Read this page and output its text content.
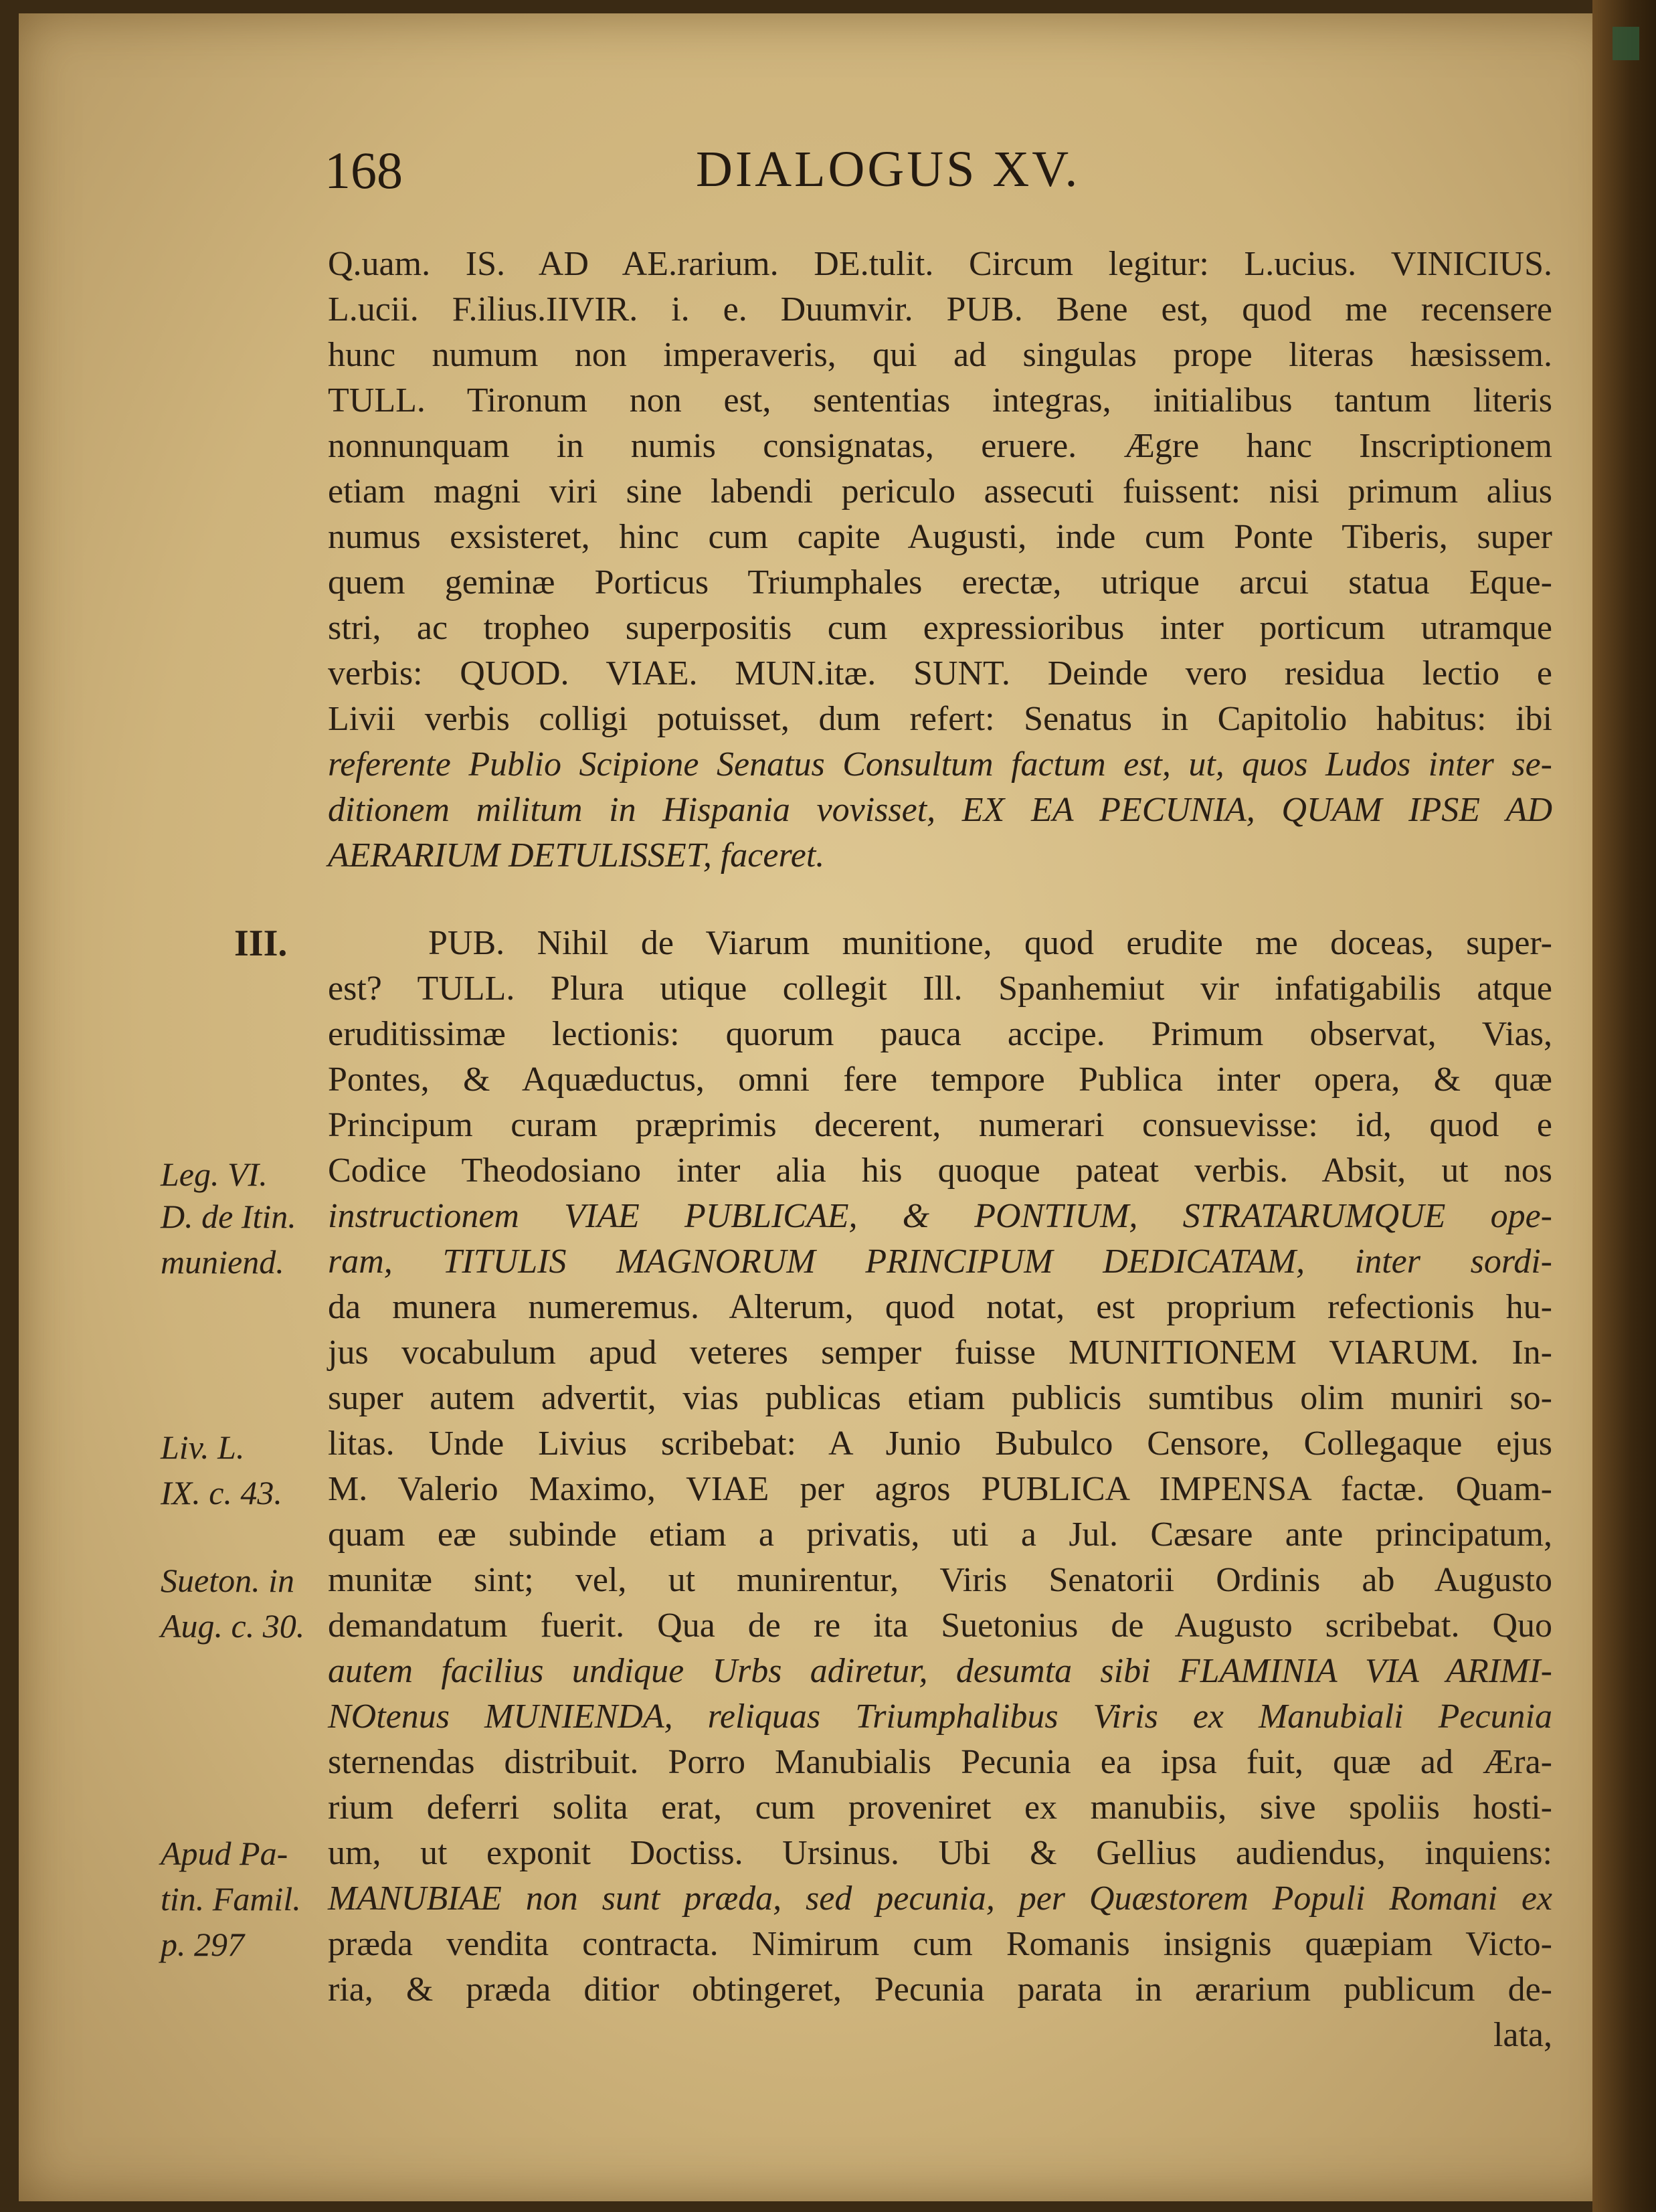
168	DIALOGUS XV.
Q.uam. IS. AD AE.rarium. DE.tulit. Circum legitur: L.ucius. VINICIUS.
L.ucii. F.ilius.IIVIR. i. e. Duumvir. PUB. Bene est, quod me recensere
hunc numum non imperaveris, qui ad singulas prope literas hæsissem.
TULL. Tironum non est, sententias integras, initialibus tantum literis
nonnunquam in numis consignatas, eruere. Ægre hanc Inscriptionem
etiam magni viri sine labendi periculo assecuti fuissent: nisi primum alius
numus exsisteret, hinc cum capite Augusti, inde cum Ponte Tiberis, super
quem geminæ Porticus Triumphales erectæ, utrique arcui statua Eque-
stri, ac tropheo superpositis cum expressioribus inter porticum utramque
verbis: QUOD. VIAE. MUN.itæ. SUNT. Deinde vero residua lectio e
Livii verbis colligi potuisset, dum refert: Senatus in Capitolio habitus: ibi
referente Publio Scipione Senatus Consultum factum est, ut, quos Ludos inter se-
ditionem militum in Hispania vovisset, EX EA PECUNIA, QUAM IPSE AD
AERARIUM DETULISSET, faceret.
III.	PUB. Nihil de Viarum munitione, quod erudite me doceas, super-
est? TULL. Plura utique collegit Ill. Spanhemiut vir infatigabilis atque
eruditissimæ lectionis: quorum pauca accipe. Primum observat, Vias,
Pontes, & Aquæductus, omni fere tempore Publica inter opera, & quæ
Principum curam præprimis decerent, numerari consuevisse: id, quod e
Codice Theodosiano inter alia his quoque pateat verbis. Absit, ut nos
instructionem VIAE PUBLICAE, & PONTIUM, STRATARUMQUE ope-
ram, TITULIS MAGNORUM PRINCIPUM DEDICATAM, inter sordi-
da munera numeremus. Alterum, quod notat, est proprium refectionis hu-
jus vocabulum apud veteres semper fuisse MUNITIONEM VIARUM. In-
super autem advertit, vias publicas etiam publicis sumtibus olim muniri so-
litas. Unde Livius scribebat: A Junio Bubulco Censore, Collegaque ejus
M. Valerio Maximo, VIAE per agros PUBLICA IMPENSA factæ. Quam-
quam eæ subinde etiam a privatis, uti a Jul. Cæsare ante principatum,
munitæ sint; vel, ut munirentur, Viris Senatorii Ordinis ab Augusto
demandatum fuerit. Qua de re ita Suetonius de Augusto scribebat. Quo
autem facilius undique Urbs adiretur, desumta sibi FLAMINIA VIA ARIMI-
NOtenus MUNIENDA, reliquas Triumphalibus Viris ex Manubiali Pecunia
sternendas distribuit. Porro Manubialis Pecunia ea ipsa fuit, quæ ad Æra-
rium deferri solita erat, cum proveniret ex manubiis, sive spoliis hosti-
um, ut exponit Doctiss. Ursinus. Ubi & Gellius audiendus, inquiens:
MANUBIAE non sunt præda, sed pecunia, per Quæstorem Populi Romani ex
præda vendita contracta. Nimirum cum Romanis insignis quæpiam Victo-
ria, & præda ditior obtingeret, Pecunia parata in ærarium publicum de-
lata,
Leg. VI.
D. de Itin.
muniend.
Liv. L.
IX. c. 43.
Sueton. in
Aug. c. 30.
Apud Pa-
tin. Famil.
p. 297
